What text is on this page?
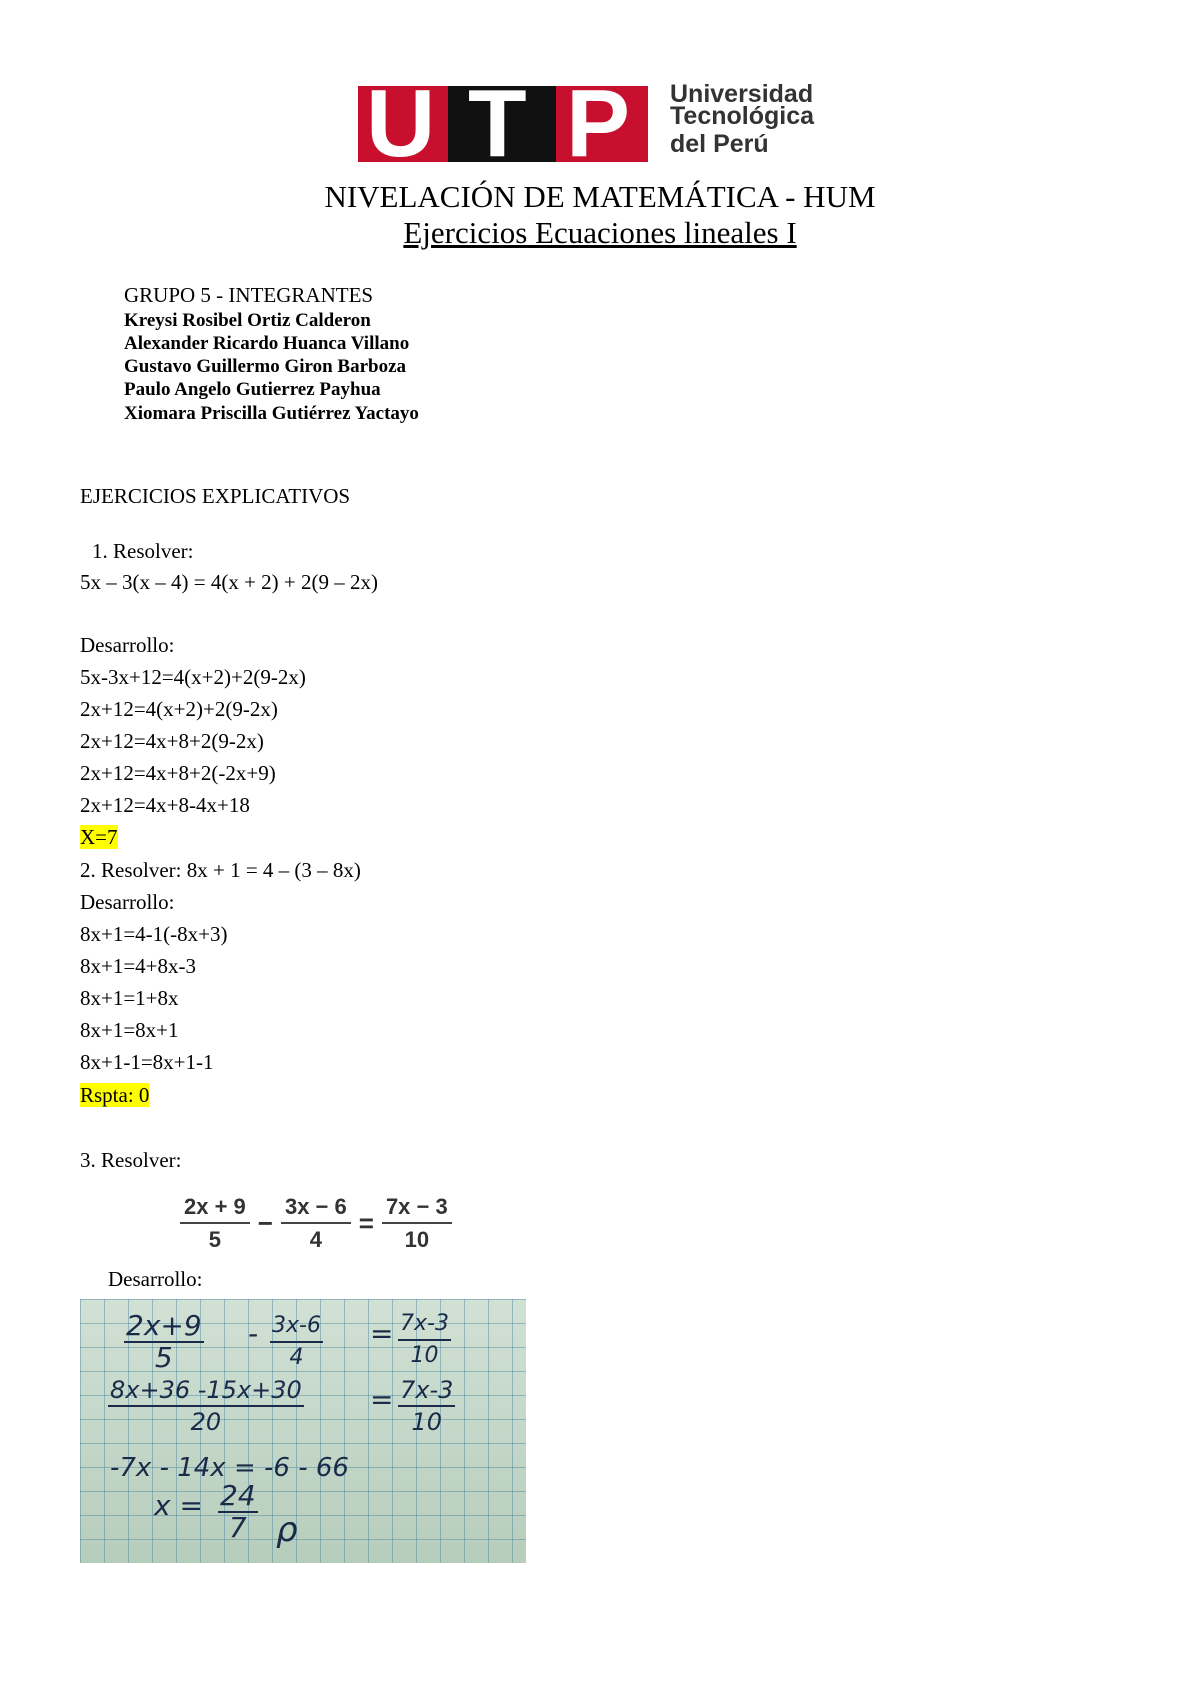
U T P Universidad
Tecnológica
del Perú
NIVELACIÓN DE MATEMÁTICA - HUM
Ejercicios Ecuaciones lineales I
GRUPO 5 - INTEGRANTES
Kreysi Rosibel Ortiz Calderon
Alexander Ricardo Huanca Villano
Gustavo Guillermo Giron Barboza
Paulo Angelo Gutierrez Payhua
Xiomara Priscilla Gutiérrez Yactayo
EJERCICIOS EXPLICATIVOS
1. Resolver:
5x – 3(x – 4) = 4(x + 2) + 2(9 – 2x)
Desarrollo:
5x-3x+12=4(x+2)+2(9-2x)
2x+12=4(x+2)+2(9-2x)
2x+12=4x+8+2(9-2x)
2x+12=4x+8+2(-2x+9)
2x+12=4x+8-4x+18
X=7
2. Resolver: 8x + 1 = 4 – (3 – 8x)
Desarrollo:
8x+1=4-1(-8x+3)
8x+1=4+8x-3
8x+1=1+8x
8x+1=8x+1
8x+1-1=8x+1-1
Rspta: 0
3. Resolver:
$\frac{2x + 9}{5} - \frac{3x - 6}{4} = \frac{7x - 3}{10}$
Desarrollo:
$\frac{2x+9}{5} - \frac{3x-6}{4} = \frac{7x-3}{10}$
$\frac{8x+36 -15x+30}{20} = \frac{7x-3}{10}$
-7x - 14x = -6 - 66
$x = \frac{24}{7}$ ρ
